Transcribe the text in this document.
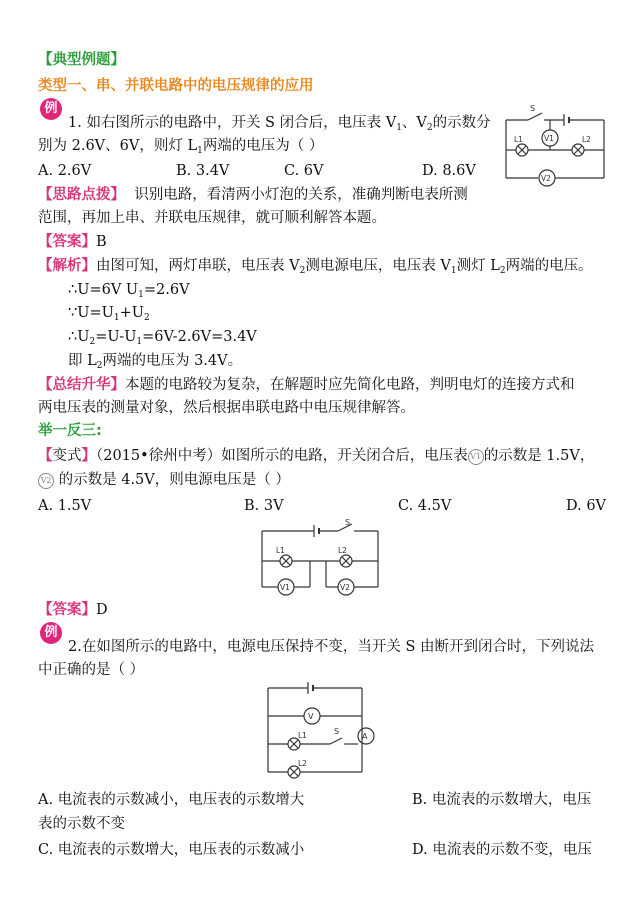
【典型例题】
类型一、串、并联电路中的电压规律的应用
例
1. 如右图所示的电路中，开关 S 闭合后，电压表 $V_1$、$V_2$的示数分
别为 2.6V、6V，则灯 $L_1$两端的电压为（ ）
A. 2.6V	B. 3.4V	C. 6V	D. 8.6V
S
V1
V2
L1	L2
【思路点拨】 识别电路，看清两小灯泡的关系，准确判断电表所测
范围，再加上串、并联电压规律，就可顺利解答本题。
【答案】B
【解析】由图可知，两灯串联，电压表 $V_2$测电源电压，电压表 $V_1$测灯 $L_2$两端的电压。
∴U=6V $U_1=2.6V$
$\because U=U_1+U_2$
$\therefore U_2=U-U_1=6V-2.6V=3.4V$
即 $L_2$两端的电压为 3.4V。
【总结升华】本题的电路较为复杂，在解题时应先简化电路，判明电灯的连接方式和
两电压表的测量对象，然后根据串联电路中电压规律解答。
举一反三:
【变式】（2015•徐州中考）如图所示的电路，开关闭合后，电压表 V1 的示数是 1.5V，
V2 的示数是 4.5V，则电源电压是（ ）
A. 1.5V	B. 3V	C. 4.5V	D. 6V
S
L1	L2
V1	V2
【答案】D
例
2.在如图所示的电路中，电源电压保持不变，当开关 S 由断开到闭合时，下列说法
中正确的是（ ）
V
A
L1	S
L2
A. 电流表的示数减小，电压表的示数增大	B. 电流表的示数增大，电压
表的示数不变
C. 电流表的示数增大，电压表的示数减小	D. 电流表的示数不变，电压
